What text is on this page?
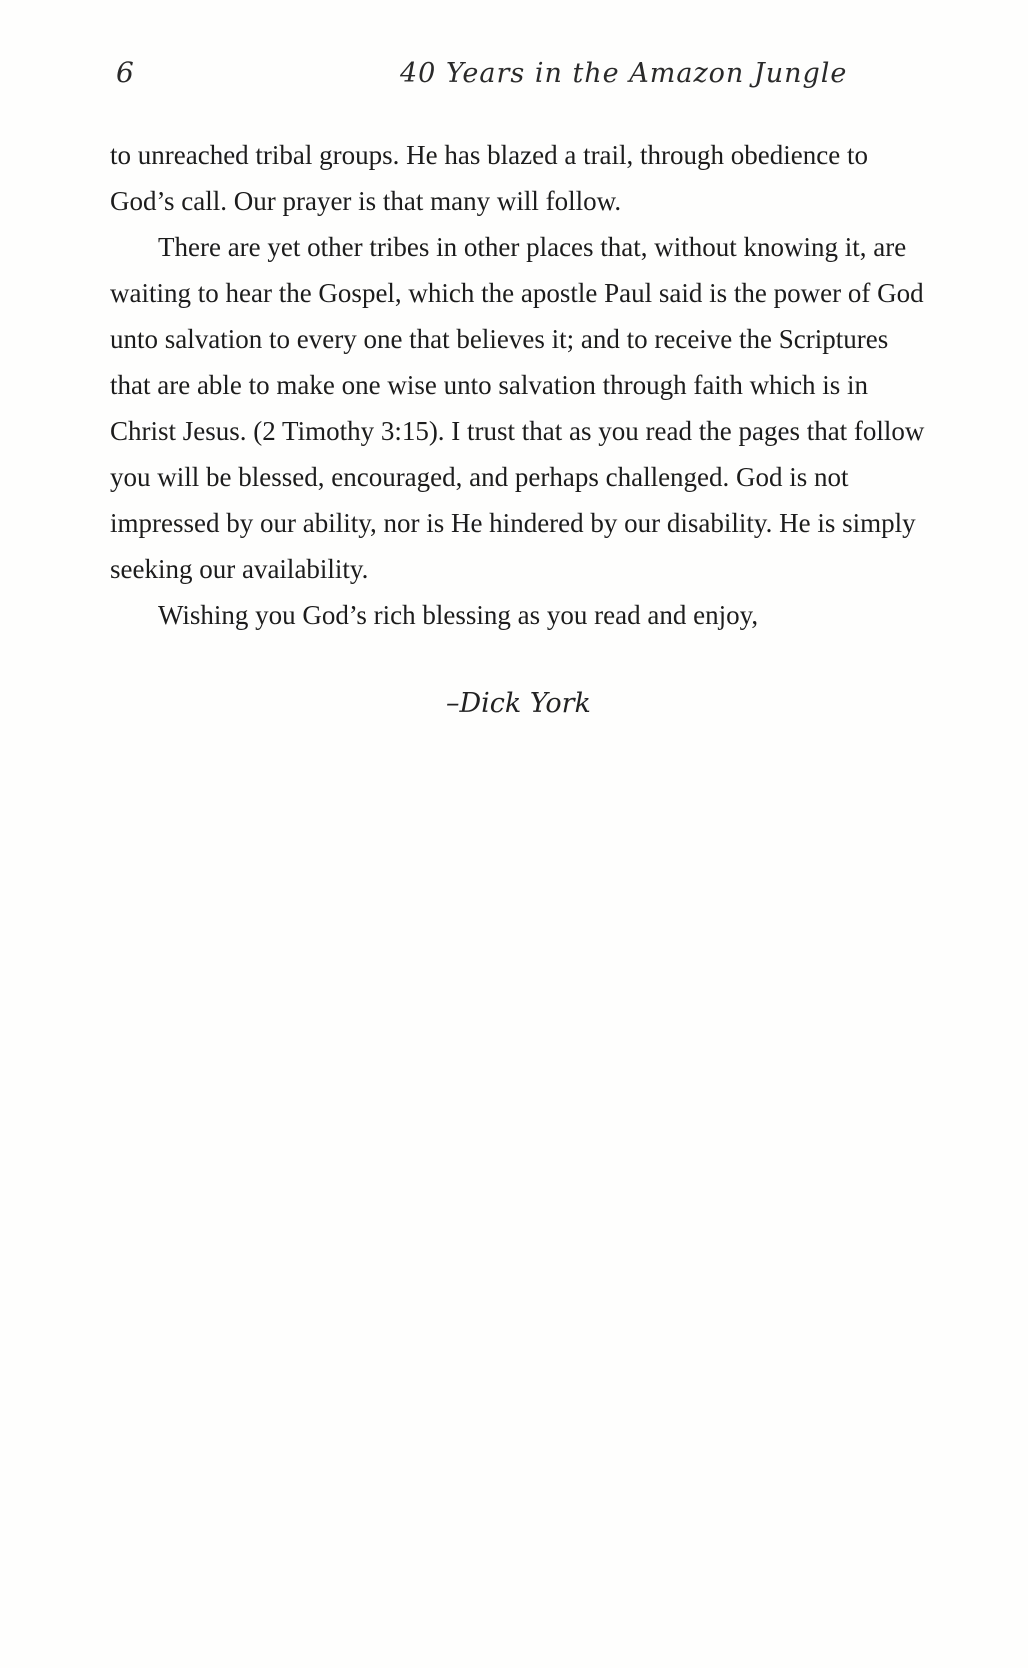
6	40 Years in the Amazon Jungle

to unreached tribal groups. He has blazed a trail, through obedience to God’s call. Our prayer is that many will follow.

There are yet other tribes in other places that, without knowing it, are waiting to hear the Gospel, which the apostle Paul said is the power of God unto salvation to every one that believes it; and to receive the Scriptures that are able to make one wise unto salvation through faith which is in Christ Jesus. (2 Timothy 3:15). I trust that as you read the pages that follow you will be blessed, encouraged, and perhaps challenged. God is not impressed by our ability, nor is He hindered by our disability. He is simply seeking our availability.

Wishing you God’s rich blessing as you read and enjoy,

–Dick York
